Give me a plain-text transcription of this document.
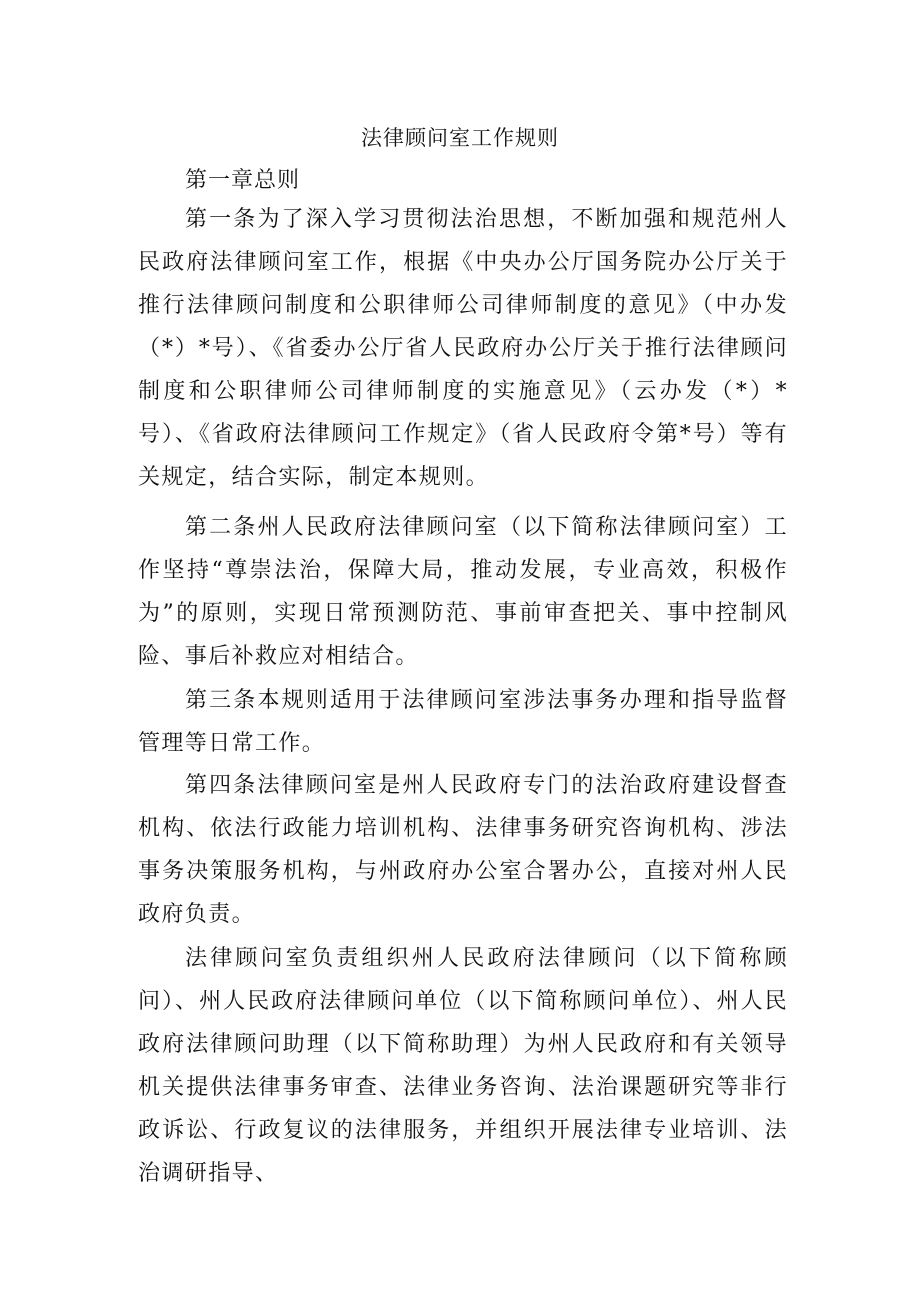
法律顾问室工作规则

第一章总则

第一条为了深入学习贯彻法治思想，不断加强和规范州人民政府法律顾问室工作，根据《中央办公厅国务院办公厅关于推行法律顾问制度和公职律师公司律师制度的意见》（中办发（*）*号）、《省委办公厅省人民政府办公厅关于推行法律顾问制度和公职律师公司律师制度的实施意见》（云办发（*）*号）、《省政府法律顾问工作规定》（省人民政府令第*号）等有关规定，结合实际，制定本规则。

第二条州人民政府法律顾问室（以下简称法律顾问室）工作坚持“尊崇法治，保障大局，推动发展，专业高效，积极作为”的原则，实现日常预测防范、事前审查把关、事中控制风险、事后补救应对相结合。

第三条本规则适用于法律顾问室涉法事务办理和指导监督管理等日常工作。

第四条法律顾问室是州人民政府专门的法治政府建设督查机构、依法行政能力培训机构、法律事务研究咨询机构、涉法事务决策服务机构，与州政府办公室合署办公，直接对州人民政府负责。

法律顾问室负责组织州人民政府法律顾问（以下简称顾问）、州人民政府法律顾问单位（以下简称顾问单位）、州人民政府法律顾问助理（以下简称助理）为州人民政府和有关领导机关提供法律事务审查、法律业务咨询、法治课题研究等非行政诉讼、行政复议的法律服务，并组织开展法律专业培训、法治调研指导、
